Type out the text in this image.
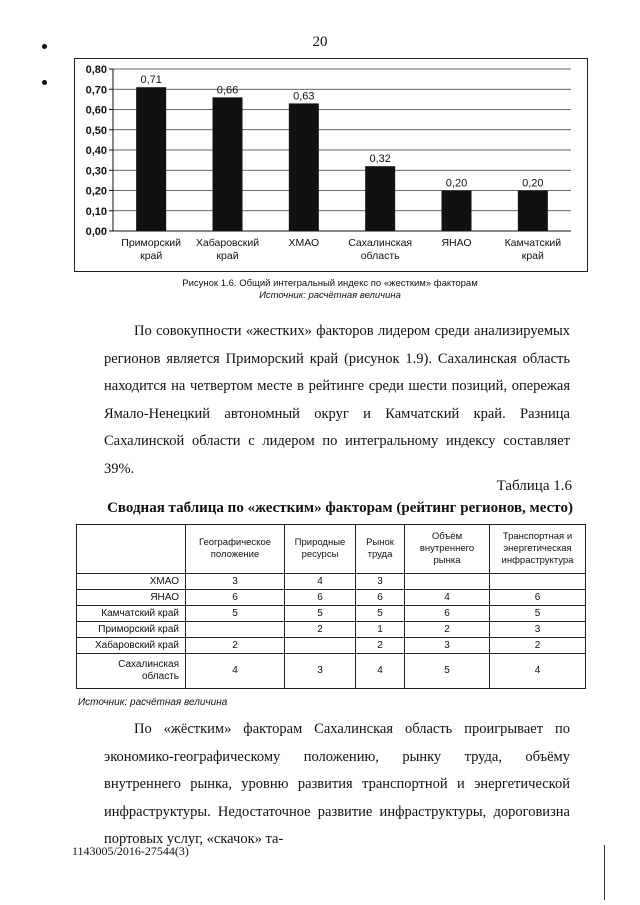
20
0,00
0,10
0,20
0,30
0,40
0,50
0,60
0,70
0,80
0,71
Приморский
край
0,66
Хабаровский
край
0,63
ХМАО
0,32
Сахалинская
область
0,20
ЯНАО
0,20
Камчатский
край
Рисунок 1.6. Общий интегральный индекс по «жестким» факторам
Источник: расчётная величина
По совокупности «жестких» факторов лидером среди анализируемых регионов является Приморский край (рисунок 1.9). Сахалинская область находится на четвертом месте в рейтинге среди шести позиций, опережая Ямало-Ненецкий автономный округ и Камчатский край. Разница Сахалинской области с лидером по интегральному индексу составляет 39%.
Таблица 1.6
Сводная таблица по «жестким» факторам (рейтинг регионов, место)
	Географическое положение	Природные ресурсы	Рынок труда	Объём внутреннего рынка	Транспортная и энергетическая инфраструктура
ХМАО	3	4	3		
ЯНАО	6	6	6	4	6
Камчатский край	5	5	5	6	5
Приморский край		2	1	2	3
Хабаровский край	2		2	3	2
Сахалинская область	4	3	4	5	4
Источник: расчётная величина
По «жёстким» факторам Сахалинская область проигрывает по экономико-географическому положению, рынку труда, объёму внутреннего рынка, уровню развития транспортной и энергетической инфраструктуры. Недостаточное развитие инфраструктуры, дороговизна портовых услуг, «скачок» та-
1143005/2016-27544(3)
